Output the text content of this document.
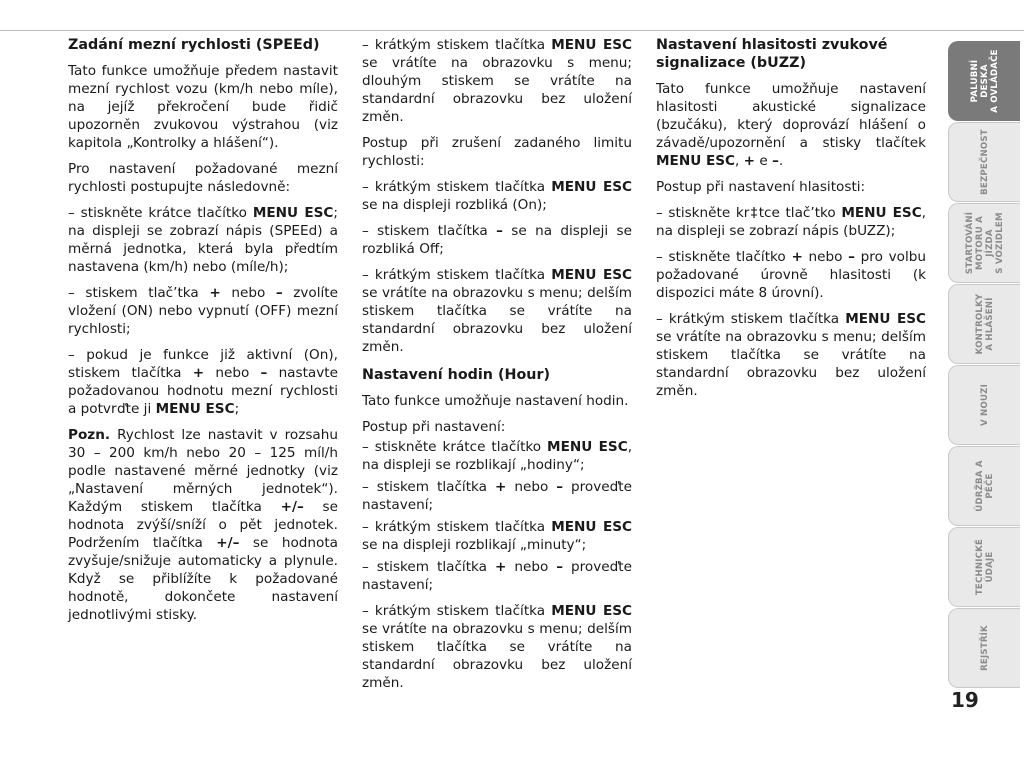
Zadání mezní rychlosti (SPEEd)

Tato funkce umožňuje předem nastavit mezní rychlost vozu (km/h nebo míle), na jejíž překročení bude řidič upozorněn zvukovou výstrahou (viz kapitola „Kontrolky a hlášení“).

Pro nastavení požadované mezní rychlosti postupujte následovně:

– stiskněte krátce tlačítko MENU ESC; na displeji se zobrazí nápis (SPEEd) a měrná jednotka, která byla předtím nastavena (km/h) nebo (míle/h);

– stiskem tlač’tka + nebo – zvolíte vložení (ON) nebo vypnutí (OFF) mezní rychlosti;

– pokud je funkce již aktivní (On), stiskem tlačítka + nebo – nastavte požadovanou hodnotu mezní rychlosti a potvrďte ji MENU ESC;

Pozn. Rychlost lze nastavit v rozsahu 30 – 200 km/h nebo 20 – 125 míl/h podle nastavené měrné jednotky (viz „Nastavení měrných jednotek“). Každým stiskem tlačítka +/– se hodnota zvýší/sníží o pět jednotek. Podržením tlačítka +/– se hodnota zvyšuje/snižuje automaticky a plynule. Když se přiblížíte k požadované hodnotě, dokončete nastavení jednotlivými stisky.

– krátkým stiskem tlačítka MENU ESC se vrátíte na obrazovku s menu; dlouhým stiskem se vrátíte na standardní obrazovku bez uložení změn.

Postup při zrušení zadaného limitu rychlosti:

– krátkým stiskem tlačítka MENU ESC se na displeji rozbliká (On);

– stiskem tlačítka – se na displeji se rozbliká Off;

– krátkým stiskem tlačítka MENU ESC se vrátíte na obrazovku s menu; delším stiskem tlačítka se vrátíte na standardní obrazovku bez uložení změn.

Nastavení hodin (Hour)

Tato funkce umožňuje nastavení hodin.

Postup při nastavení:

– stiskněte krátce tlačítko MENU ESC, na displeji se rozblikají „hodiny“;

– stiskem tlačítka + nebo – proveďte nastavení;

– krátkým stiskem tlačítka MENU ESC se na displeji rozblikají „minuty“;

– stiskem tlačítka + nebo – proveďte nastavení;

– krátkým stiskem tlačítka MENU ESC se vrátíte na obrazovku s menu; delším stiskem tlačítka se vrátíte na standardní obrazovku bez uložení změn.

Nastavení hlasitosti zvukové signalizace (bUZZ)

Tato funkce umožňuje nastavení hlasitosti akustické signalizace (bzučáku), který doprovází hlášení o závadě/upozornění a stisky tlačítek MENU ESC, + e –.

Postup při nastavení hlasitosti:

– stiskněte kr‡tce tlač’tko MENU ESC, na displeji se zobrazí nápis (bUZZ);

– stiskněte tlačítko + nebo – pro volbu požadované úrovně hlasitosti (k dispozici máte 8 úrovní).

– krátkým stiskem tlačítka MENU ESC se vrátíte na obrazovku s menu; delším stiskem tlačítka se vrátíte na standardní obrazovku bez uložení změn.

PALUBNÍ DESKA
A OVLÁDAČE
BEZPEČNOST
STARTOVÁNÍ
MOTORU A JÍZDA
S VOZIDLEM
KONTROLKY
A HLÁŠENÍ
V NOUZI
ÚDRŽBA A PÉČE
TECHNICKÉ
ÚDAJE
REJSTŘÍK
19
